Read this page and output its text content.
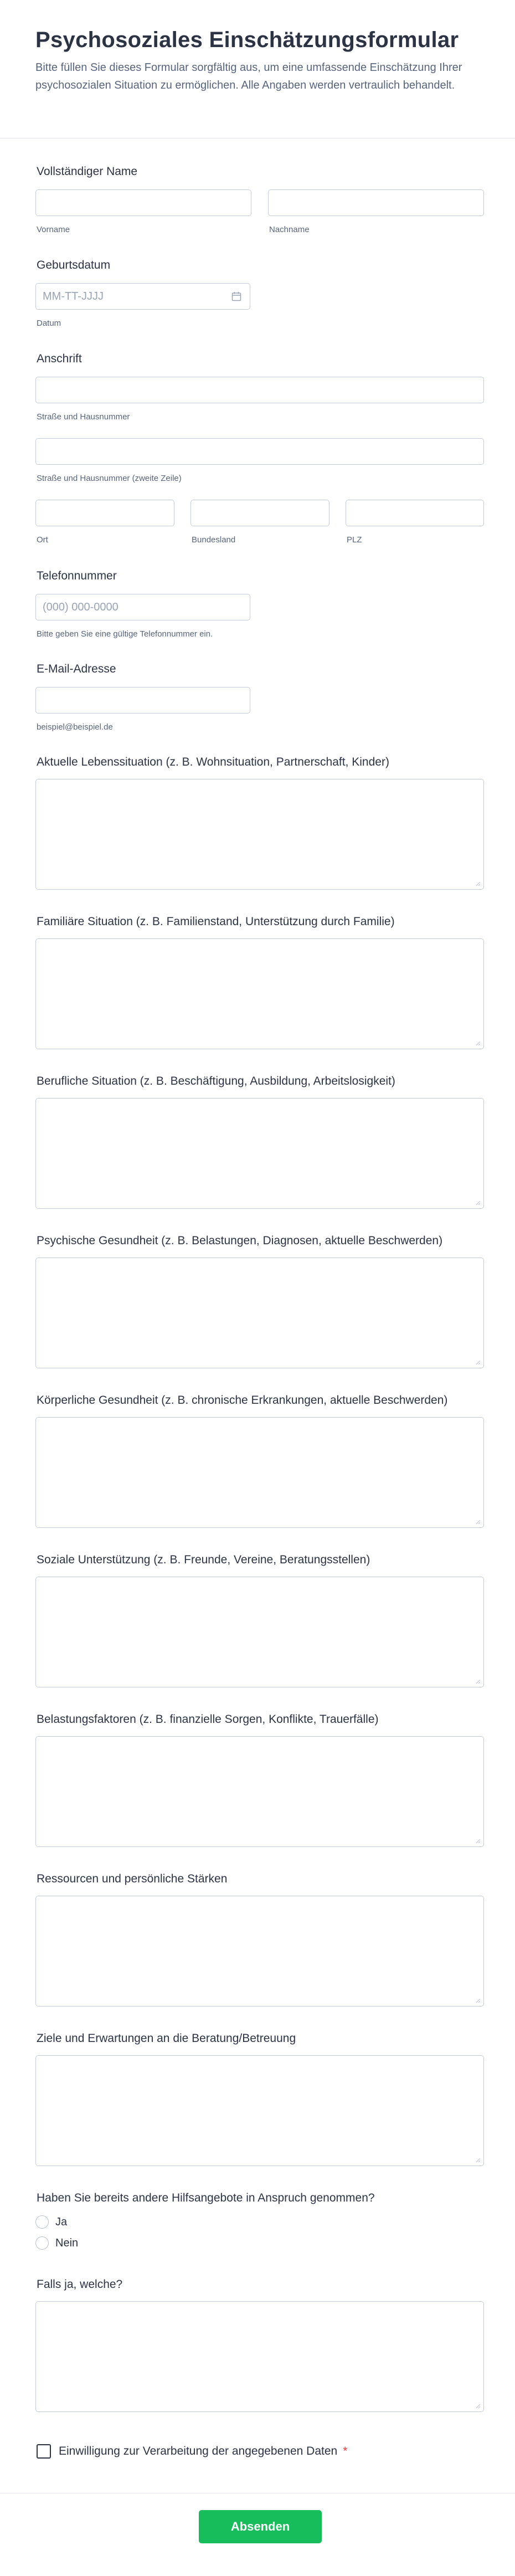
Psychosoziales Einschätzungsformular

Bitte füllen Sie dieses Formular sorgfältig aus, um eine umfassende Einschätzung Ihrer psychosozialen Situation zu ermöglichen. Alle Angaben werden vertraulich behandelt.

Vollständiger Name
Vorname	Nachname
Geburtsdatum
MM-TT-JJJJ
Datum
Anschrift
Straße und Hausnummer
Straße und Hausnummer (zweite Zeile)
Ort	Bundesland	PLZ
Telefonnummer
(000) 000-0000
Bitte geben Sie eine gültige Telefonnummer ein.
E-Mail-Adresse
beispiel@beispiel.de
Aktuelle Lebenssituation (z. B. Wohnsituation, Partnerschaft, Kinder)
Familiäre Situation (z. B. Familienstand, Unterstützung durch Familie)
Berufliche Situation (z. B. Beschäftigung, Ausbildung, Arbeitslosigkeit)
Psychische Gesundheit (z. B. Belastungen, Diagnosen, aktuelle Beschwerden)
Körperliche Gesundheit (z. B. chronische Erkrankungen, aktuelle Beschwerden)
Soziale Unterstützung (z. B. Freunde, Vereine, Beratungsstellen)
Belastungsfaktoren (z. B. finanzielle Sorgen, Konflikte, Trauerfälle)
Ressourcen und persönliche Stärken
Ziele und Erwartungen an die Beratung/Betreuung
Haben Sie bereits andere Hilfsangebote in Anspruch genommen?
Ja
Nein
Falls ja, welche?
Einwilligung zur Verarbeitung der angegebenen Daten *
Absenden
